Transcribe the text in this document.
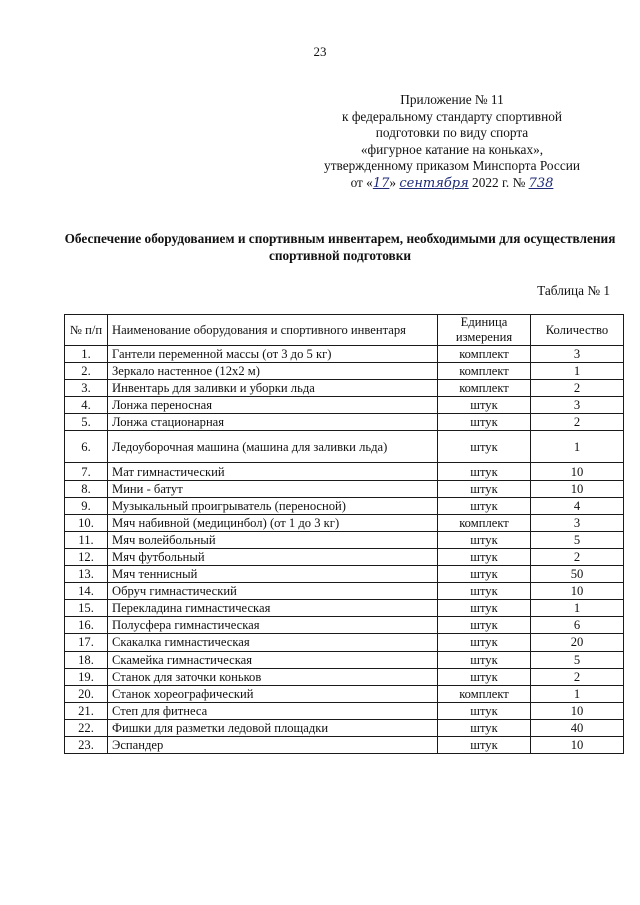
23
Приложение № 11
к федеральному стандарту спортивной
подготовки по виду спорта
«фигурное катание на коньках»,
утвержденному приказом Минспорта России
от «17» сентября 2022 г. № 738
Обеспечение оборудованием и спортивным инвентарем, необходимыми для осуществления спортивной подготовки
Таблица № 1
№ п/п	Наименование оборудования и спортивного инвентаря	Единица измерения	Количество
1.	Гантели переменной массы (от 3 до 5 кг)	комплект	3
2.	Зеркало настенное (12х2 м)	комплект	1
3.	Инвентарь для заливки и уборки льда	комплект	2
4.	Лонжа переносная	штук	3
5.	Лонжа стационарная	штук	2
6.	Ледоуборочная машина (машина для заливки льда)	штук	1
7.	Мат гимнастический	штук	10
8.	Мини - батут	штук	10
9.	Музыкальный проигрыватель (переносной)	штук	4
10.	Мяч набивной (медицинбол) (от 1 до 3 кг)	комплект	3
11.	Мяч волейбольный	штук	5
12.	Мяч футбольный	штук	2
13.	Мяч теннисный	штук	50
14.	Обруч гимнастический	штук	10
15.	Перекладина гимнастическая	штук	1
16.	Полусфера гимнастическая	штук	6
17.	Скакалка гимнастическая	штук	20
18.	Скамейка гимнастическая	штук	5
19.	Станок для заточки коньков	штук	2
20.	Станок хореографический	комплект	1
21.	Степ для фитнеса	штук	10
22.	Фишки для разметки ледовой площадки	штук	40
23.	Эспандер	штук	10
